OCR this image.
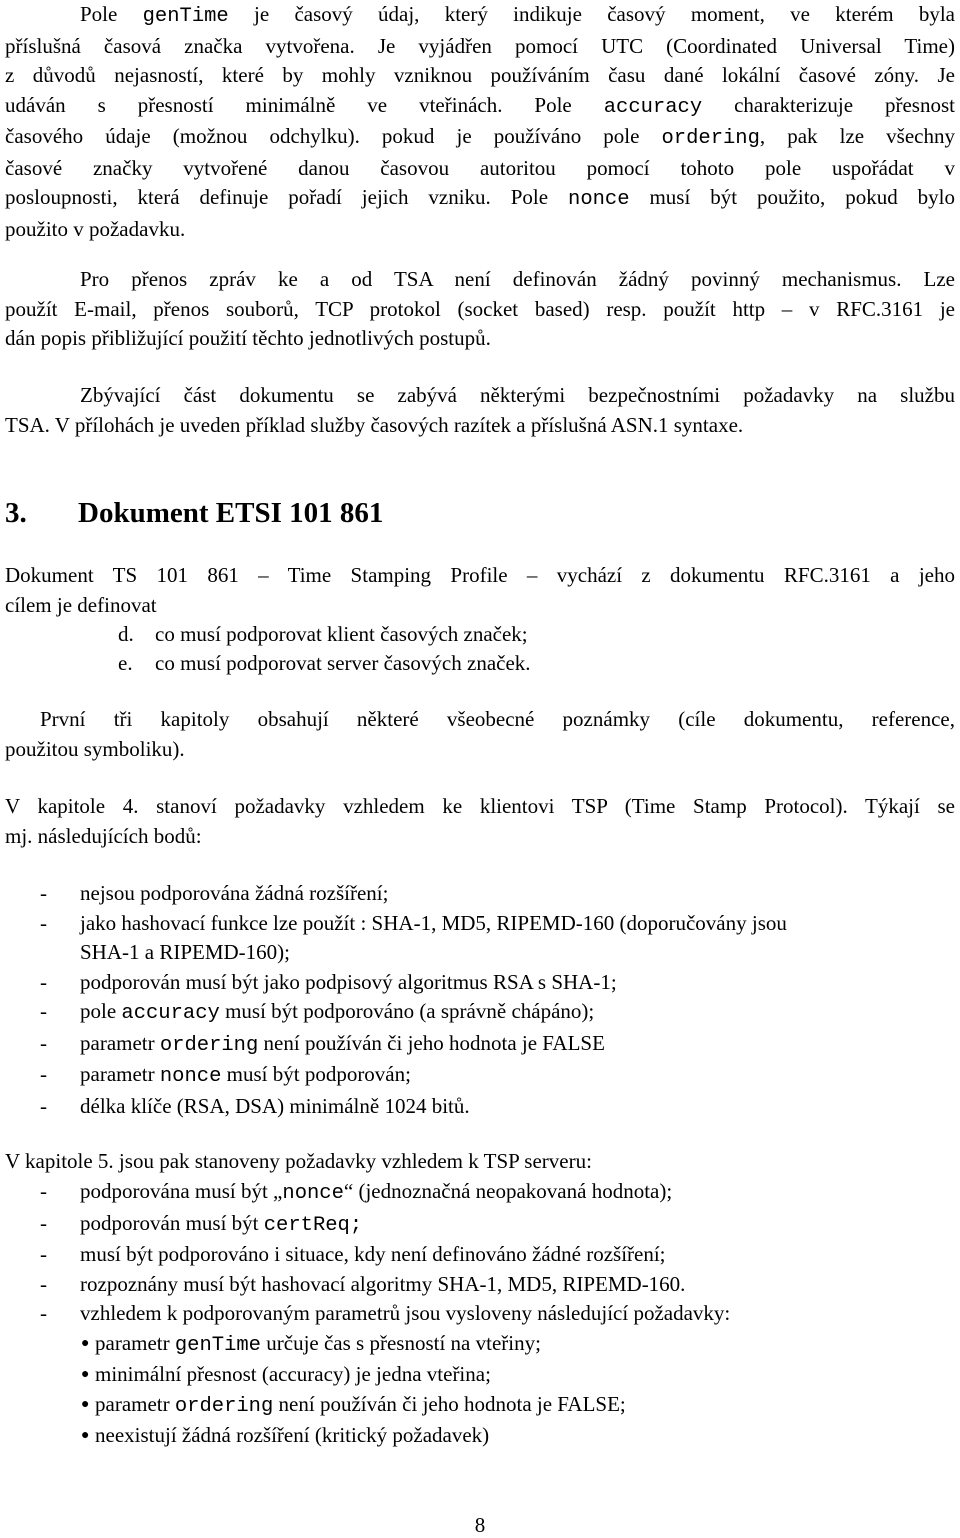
Pole genTime je časový údaj, který indikuje časový moment, ve kterém byla

příslušná časová značka vytvořena. Je vyjádřen pomocí UTC (Coordinated Universal Time)

z důvodů nejasností, které by mohly vzniknou používáním času dané lokální časové zóny. Je

udáván s přesností minimálně ve vteřinách. Pole accuracy charakterizuje přesnost

časového údaje (možnou odchylku). pokud je používáno pole ordering, pak lze všechny

časové značky vytvořené danou časovou autoritou pomocí tohoto pole uspořádat v

posloupnosti, která definuje pořadí jejich vzniku. Pole nonce musí být použito, pokud bylo

použito v požadavku.

Pro přenos zpráv ke a od TSA není definován žádný povinný mechanismus. Lze

použít E-mail, přenos souborů, TCP protokol (socket based) resp. použít http – v RFC.3161 je

dán popis přibližující použití těchto jednotlivých postupů.

Zbývající část dokumentu se zabývá některými bezpečnostními požadavky na službu

TSA. V přílohách je uveden příklad služby časových razítek a příslušná ASN.1 syntaxe.

3. Dokument ETSI 101 861

Dokument TS 101 861 – Time Stamping Profile – vychází z dokumentu RFC.3161 a jeho

cílem je definovat

d. co musí podporovat klient časových značek;
e. co musí podporovat server časových značek.

První tři kapitoly obsahují některé všeobecné poznámky (cíle dokumentu, reference,

použitou symboliku).

V kapitole 4. stanoví požadavky vzhledem ke klientovi TSP (Time Stamp Protocol). Týkají se

mj. následujících bodů:

- nejsou podporována žádná rozšíření;
- jako hashovací funkce lze použít : SHA-1, MD5, RIPEMD-160 (doporučovány jsou
SHA-1 a RIPEMD-160);
- podporován musí být jako podpisový algoritmus RSA s SHA-1;
- pole accuracy musí být podporováno (a správně chápáno);
- parametr ordering není používán či jeho hodnota je FALSE
- parametr nonce musí být podporován;
- délka klíče (RSA, DSA) minimálně 1024 bitů.

V kapitole 5. jsou pak stanoveny požadavky vzhledem k TSP serveru:

- podporována musí být „nonce“ (jednoznačná neopakovaná hodnota);
- podporován musí být certReq;
- musí být podporováno i situace, kdy není definováno žádné rozšíření;
- rozpoznány musí být hashovací algoritmy SHA-1, MD5, RIPEMD-160.
- vzhledem k podporovaným parametrů jsou vysloveny následující požadavky:
● parametr genTime určuje čas s přesností na vteřiny;
● minimální přesnost (accuracy) je jedna vteřina;
● parametr ordering není používán či jeho hodnota je FALSE;
● neexistují žádná rozšíření (kritický požadavek)
8
